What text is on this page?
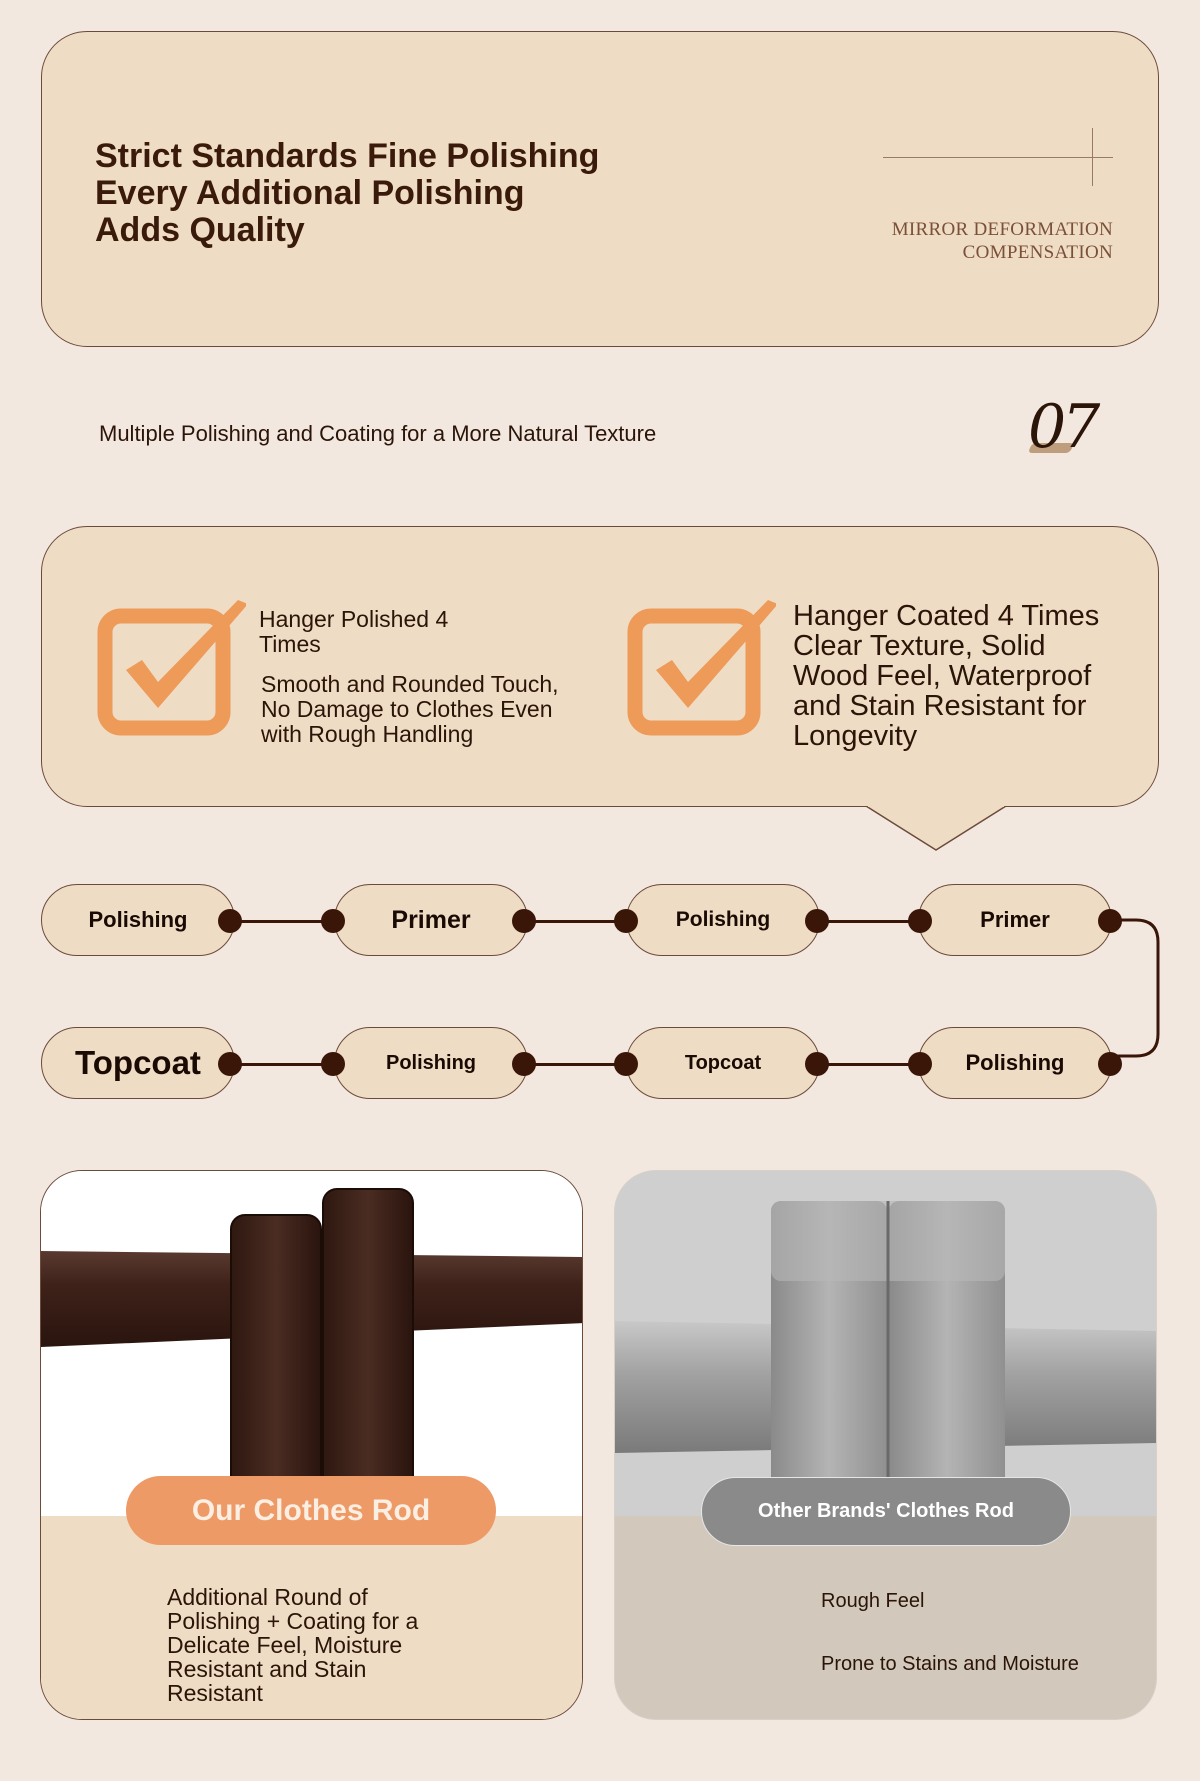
Strict Standards Fine Polishing Every Additional Polishing Adds Quality	MIRROR DEFORMATION
COMPENSATION
Multiple Polishing and Coating for a More Natural Texture	07
Hanger Polished 4 Times
Smooth and Rounded Touch, No Damage to Clothes Even with Rough Handling
Hanger Coated 4 Times Clear Texture, Solid Wood Feel, Waterproof and Stain Resistant for Longevity
Polishing	Primer	Polishing	Primer
Topcoat	Polishing	Topcoat	Polishing
Our Clothes Rod
Additional Round of Polishing + Coating for a Delicate Feel, Moisture Resistant and Stain Resistant
Other Brands' Clothes Rod
Rough Feel
Prone to Stains and Moisture
